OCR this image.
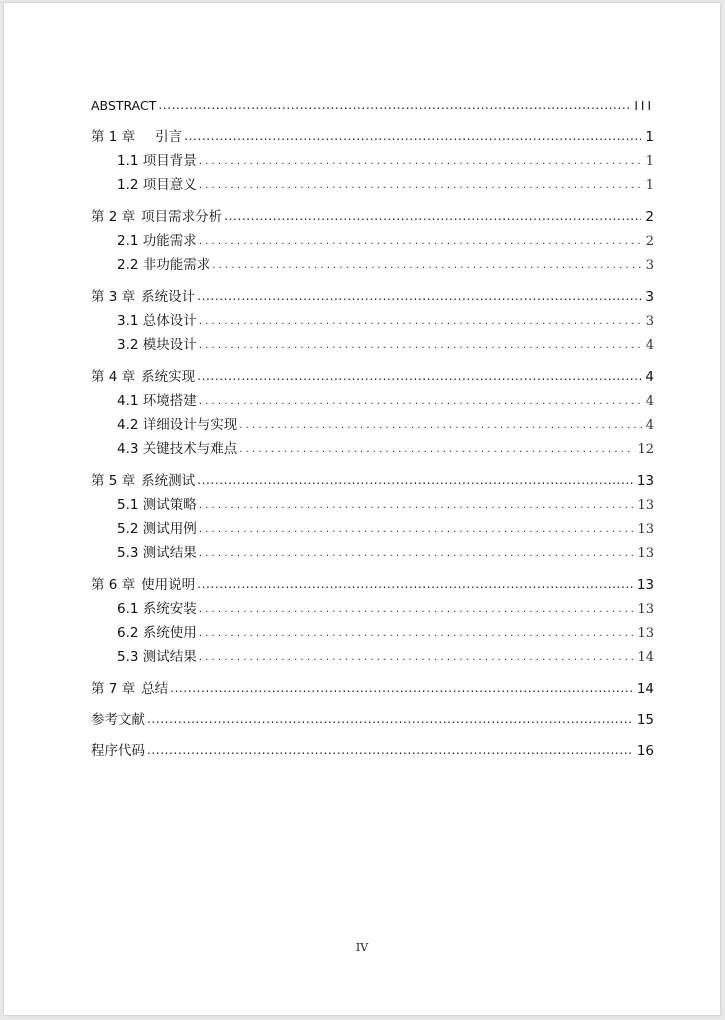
ABSTRACT .....	III
第 1 章 引言 .....	1
1.1 项目背景 . . .	1
1.2 项目意义 . . .	1
第 2 章 项目需求分析 .....	2
2.1 功能需求 . . .	2
2.2 非功能需求 . . .	3
第 3 章 系统设计 .....	3
3.1 总体设计 . . .	3
3.2 模块设计 . . .	4
第 4 章 系统实现 .....	4
4.1 环境搭建 . . .	4
4.2 详细设计与实现 . . .	4
4.3 关键技术与难点 . . .	12
第 5 章 系统测试 .....	13
5.1 测试策略 . . .	13
5.2 测试用例 . . .	13
5.3 测试结果 . . .	13
第 6 章 使用说明 .....	13
6.1 系统安装 . . .	13
6.2 系统使用 . . .	13
5.3 测试结果 . . .	14
第 7 章 总结 .....	14
参考文献 .....	15
程序代码 .....	16
IV
